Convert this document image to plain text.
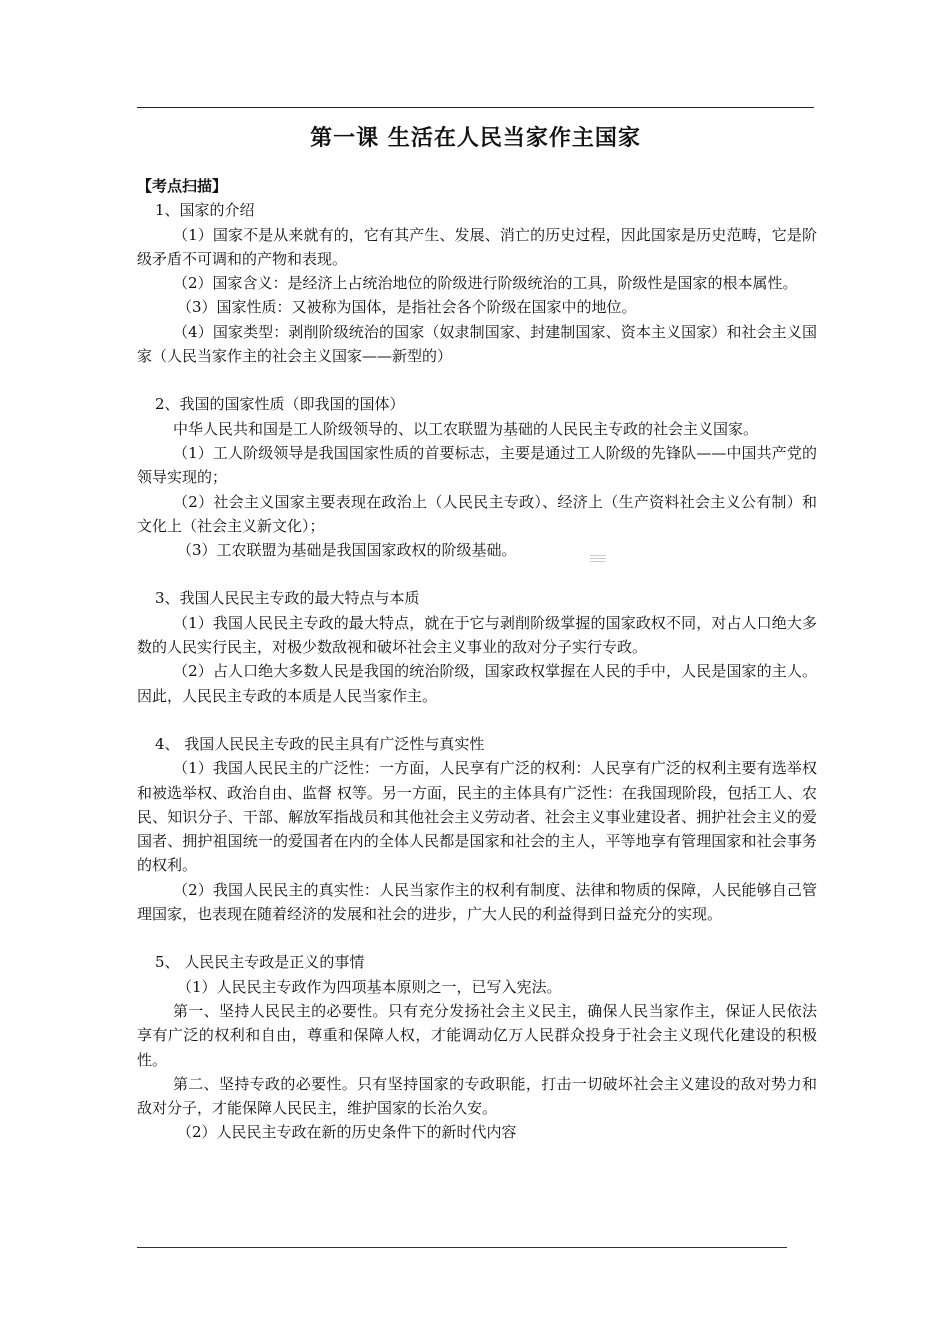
第一课 生活在人民当家作主国家

【考点扫描】

1、国家的介绍

（1）国家不是从来就有的，它有其产生、发展、消亡的历史过程，因此国家是历史范畴，它是阶级矛盾不可调和的产物和表现。

（2）国家含义：是经济上占统治地位的阶级进行阶级统治的工具，阶级性是国家的根本属性。

（3）国家性质：又被称为国体，是指社会各个阶级在国家中的地位。

（4）国家类型：剥削阶级统治的国家（奴隶制国家、封建制国家、资本主义国家）和社会主义国家（人民当家作主的社会主义国家——新型的）

2、我国的国家性质（即我国的国体）

中华人民共和国是工人阶级领导的、以工农联盟为基础的人民民主专政的社会主义国家。

（1）工人阶级领导是我国国家性质的首要标志，主要是通过工人阶级的先锋队——中国共产党的领导实现的；

（2）社会主义国家主要表现在政治上（人民民主专政）、经济上（生产资料社会主义公有制）和文化上（社会主义新文化）；

（3）工农联盟为基础是我国国家政权的阶级基础。

3、我国人民民主专政的最大特点与本质

（1）我国人民民主专政的最大特点，就在于它与剥削阶级掌握的国家政权不同，对占人口绝大多数的人民实行民主，对极少数敌视和破坏社会主义事业的敌对分子实行专政。

（2）占人口绝大多数人民是我国的统治阶级，国家政权掌握在人民的手中，人民是国家的主人。因此，人民民主专政的本质是人民当家作主。

4、 我国人民民主专政的民主具有广泛性与真实性

（1）我国人民民主的广泛性：一方面，人民享有广泛的权利：人民享有广泛的权利主要有选举权和被选举权、政治自由、监督 权等。另一方面，民主的主体具有广泛性：在我国现阶段，包括工人、农民、知识分子、干部、解放军指战员和其他社会主义劳动者、社会主义事业建设者、拥护社会主义的爱国者、拥护祖国统一的爱国者在内的全体人民都是国家和社会的主人，平等地享有管理国家和社会事务的权利。

（2）我国人民民主的真实性：人民当家作主的权利有制度、法律和物质的保障，人民能够自己管理国家，也表现在随着经济的发展和社会的进步，广大人民的利益得到日益充分的实现。

5、 人民民主专政是正义的事情

（1）人民民主专政作为四项基本原则之一，已写入宪法。

第一、坚持人民民主的必要性。只有充分发扬社会主义民主，确保人民当家作主，保证人民依法享有广泛的权利和自由，尊重和保障人权，才能调动亿万人民群众投身于社会主义现代化建设的积极性。

第二、坚持专政的必要性。只有坚持国家的专政职能，打击一切破坏社会主义建设的敌对势力和敌对分子，才能保障人民民主，维护国家的长治久安。

（2）人民民主专政在新的历史条件下的新时代内容
